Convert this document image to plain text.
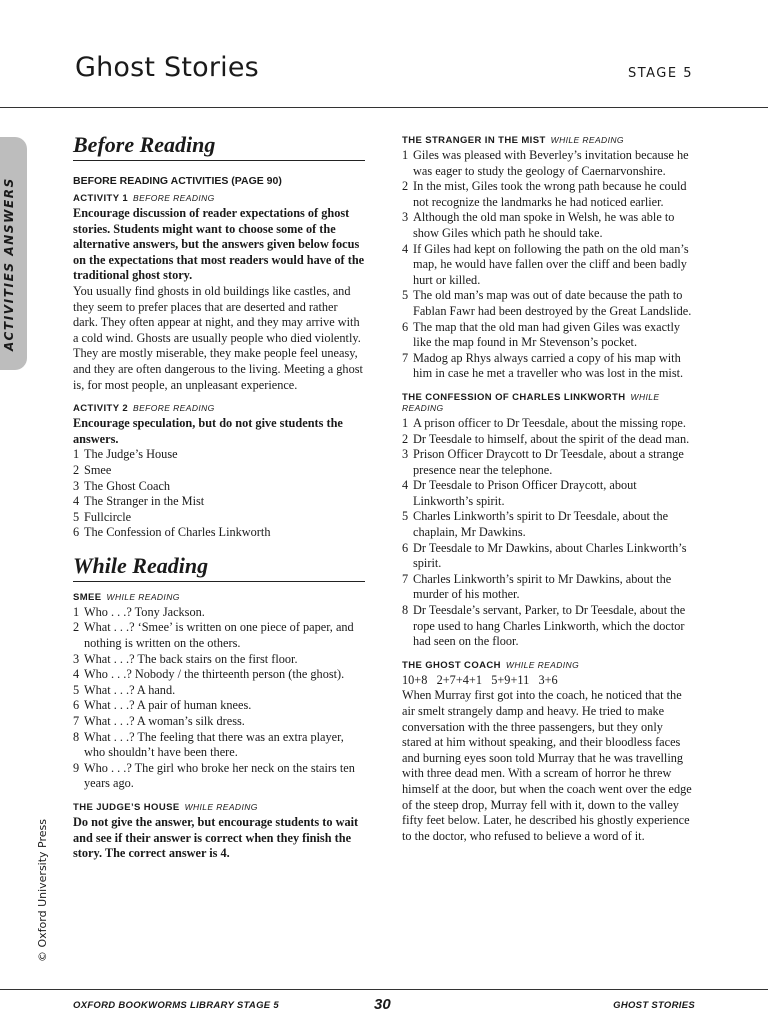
Ghost Stories	STAGE 5
ACTIVITIES ANSWERS
© Oxford University Press
Before Reading
BEFORE READING ACTIVITIES (PAGE 90)
ACTIVITY 1 BEFORE READING

Encourage discussion of reader expectations of ghost stories. Students might want to choose some of the alternative answers, but the answers given below focus on the expectations that most readers would have of the traditional ghost story.

You usually find ghosts in old buildings like castles, and they seem to prefer places that are deserted and rather dark. They often appear at night, and they may arrive with a cold wind. Ghosts are usually people who died violently. They are mostly miserable, they make people feel uneasy, and they are often dangerous to the living. Meeting a ghost is, for most people, an unpleasant experience.

ACTIVITY 2 BEFORE READING

Encourage speculation, but do not give students the answers.

1 The Judge’s House
2 Smee
3 The Ghost Coach
4 The Stranger in the Mist
5 Fullcircle
6 The Confession of Charles Linkworth
While Reading
SMEE WHILE READING
1 Who . . .? Tony Jackson.
2 What . . .? ‘Smee’ is written on one piece of paper, and nothing is written on the others.
3 What . . .? The back stairs on the first floor.
4 Who . . .? Nobody / the thirteenth person (the ghost).
5 What . . .? A hand.
6 What . . .? A pair of human knees.
7 What . . .? A woman’s silk dress.
8 What . . .? The feeling that there was an extra player, who shouldn’t have been there.
9 Who . . .? The girl who broke her neck on the stairs ten years ago.
THE JUDGE’S HOUSE WHILE READING

Do not give the answer, but encourage students to wait and see if their answer is correct when they finish the story. The correct answer is 4.

THE STRANGER IN THE MIST WHILE READING
1 Giles was pleased with Beverley’s invitation because he was eager to study the geology of Caernarvonshire.
2 In the mist, Giles took the wrong path because he could not recognize the landmarks he had noticed earlier.
3 Although the old man spoke in Welsh, he was able to show Giles which path he should take.
4 If Giles had kept on following the path on the old man’s map, he would have fallen over the cliff and been badly hurt or killed.
5 The old man’s map was out of date because the path to Fablan Fawr had been destroyed by the Great Landslide.
6 The map that the old man had given Giles was exactly like the map found in Mr Stevenson’s pocket.
7 Madog ap Rhys always carried a copy of his map with him in case he met a traveller who was lost in the mist.
THE CONFESSION OF CHARLES LINKWORTH WHILE READING
1 A prison officer to Dr Teesdale, about the missing rope.
2 Dr Teesdale to himself, about the spirit of the dead man.
3 Prison Officer Draycott to Dr Teesdale, about a strange presence near the telephone.
4 Dr Teesdale to Prison Officer Draycott, about Linkworth’s spirit.
5 Charles Linkworth’s spirit to Dr Teesdale, about the chaplain, Mr Dawkins.
6 Dr Teesdale to Mr Dawkins, about Charles Linkworth’s spirit.
7 Charles Linkworth’s spirit to Mr Dawkins, about the murder of his mother.
8 Dr Teesdale’s servant, Parker, to Dr Teesdale, about the rope used to hang Charles Linkworth, which the doctor had seen on the floor.
THE GHOST COACH WHILE READING

10+8   2+7+4+1   5+9+11   3+6

When Murray first got into the coach, he noticed that the air smelt strangely damp and heavy. He tried to make conversation with the three passengers, but they only stared at him without speaking, and their bloodless faces and burning eyes soon told Murray that he was travelling with three dead men. With a scream of horror he threw himself at the door, but when the coach went over the edge of the steep drop, Murray fell with it, down to the valley fifty feet below. Later, he described his ghostly experience to the doctor, who refused to believe a word of it.

OXFORD BOOKWORMS LIBRARY STAGE 5	30	GHOST STORIES
